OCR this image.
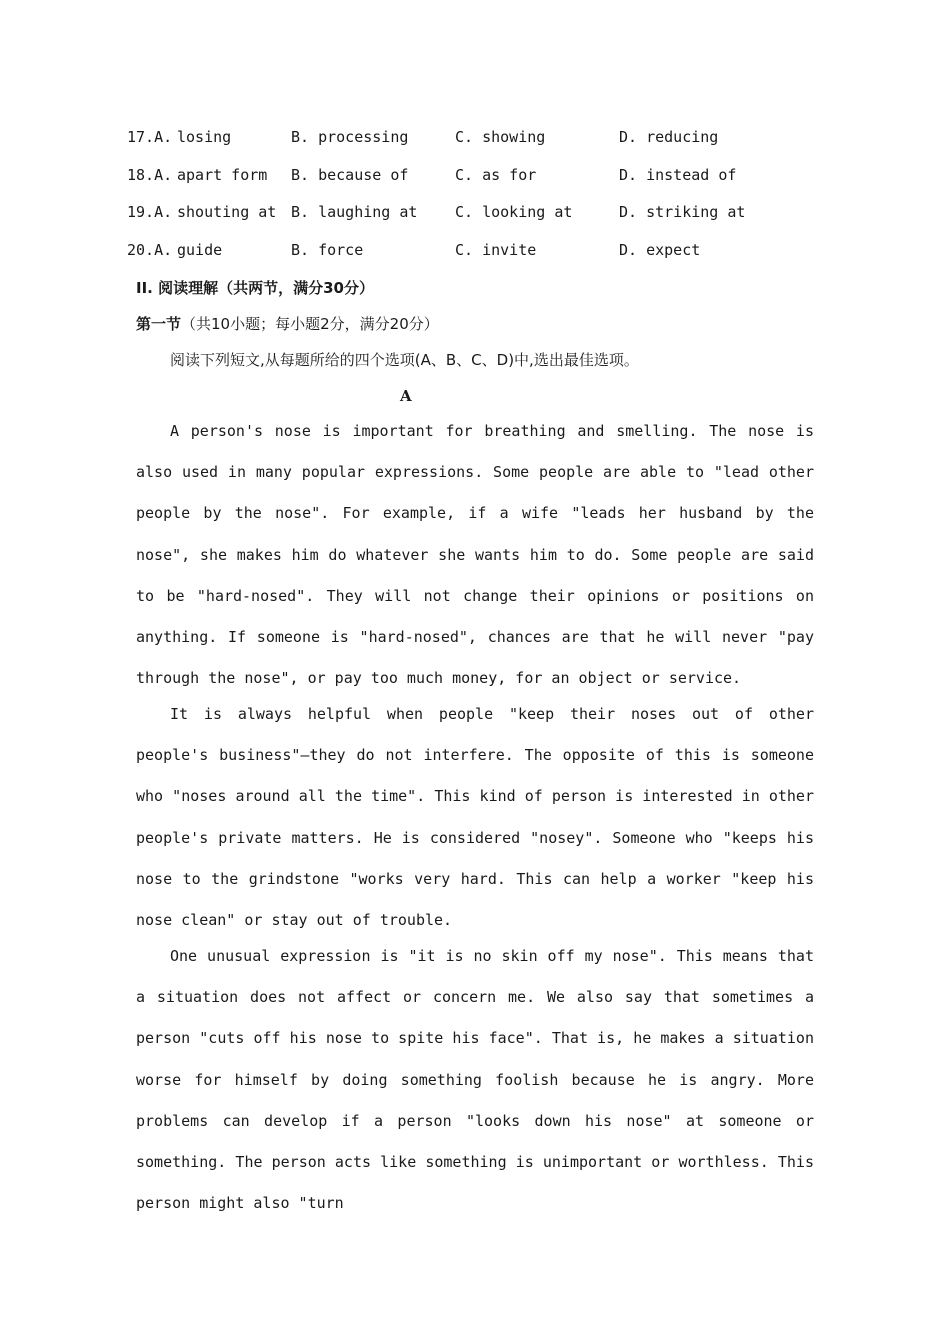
17.A. losing	B. processing	C. showing	D. reducing
18.A. apart form B. because of	C. as for	D. instead of
19.A. shouting at B. laughing at	C. looking at	D. striking at
20.A. guide	B. force	C. invite	D. expect
II. 阅读理解（共两节，满分30分）
第一节（共10小题；每小题2分，满分20分）
阅读下列短文,从每题所给的四个选项(A、B、C、D)中,选出最佳选项。
A

A person's nose is important for breathing and smelling. The nose is also used in many popular expressions. Some people are able to "lead other people by the nose". For example, if a wife "leads her husband by the nose", she makes him do whatever she wants him to do. Some people are said to be "hard-nosed". They will not change their opinions or positions on anything. If someone is "hard-nosed", chances are that he will never "pay through the nose", or pay too much money, for an object or service.

It is always helpful when people "keep their noses out of other people's business"—they do not interfere. The opposite of this is someone who "noses around all the time". This kind of person is interested in other people's private matters. He is considered "nosey". Someone who "keeps his nose to the grindstone "works very hard. This can help a worker "keep his nose clean" or stay out of trouble.

One unusual expression is "it is no skin off my nose". This means that a situation does not affect or concern me. We also say that sometimes a person "cuts off his nose to spite his face". That is, he makes a situation worse for himself by doing something foolish because he is angry. More problems can develop if a person "looks down his nose" at someone or something. The person acts like something is unimportant or worthless. This person might also "turn
